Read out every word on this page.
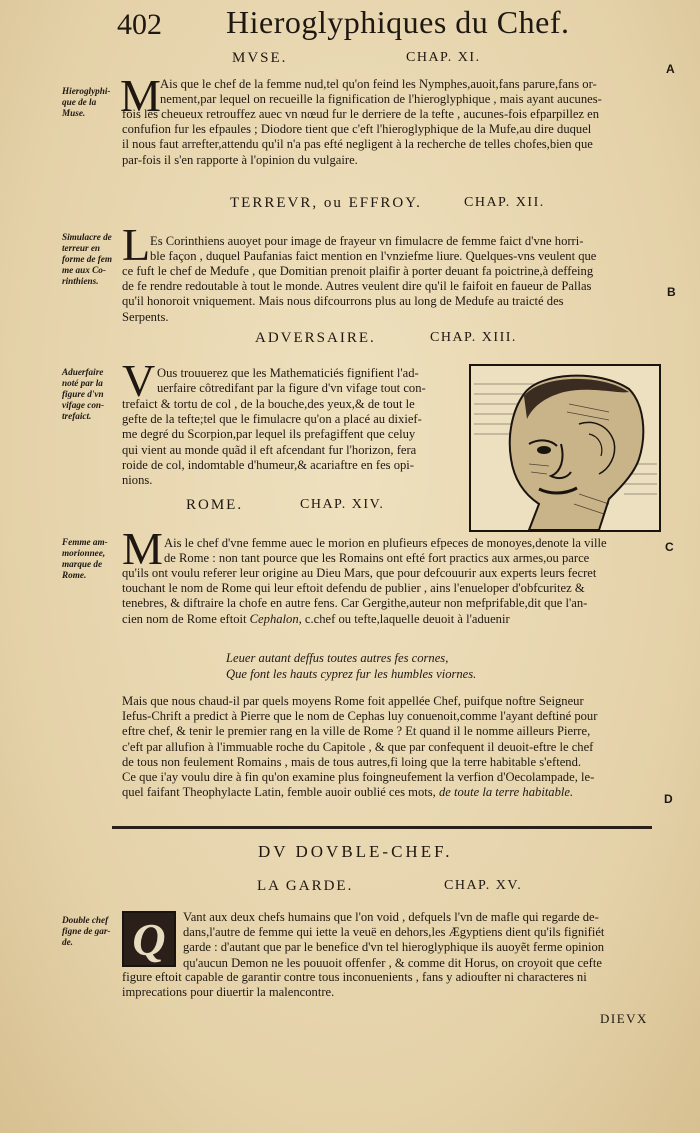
402 Hieroglyphiques du Chef.
MVSE.	CHAP. XI.
A
Hieroglyphi-
que de la
Muse. M Ais que le chef de la femme nud,tel qu'on feind les Nymphes,auoit,fans parure,fans or-
nement,par lequel on recueille la fignification de l'hieroglyphique , mais ayant aucunes-
fois les cheueux retrouffez auec vn nœud fur le derriere de la tefte , aucunes-fois efparpillez en
confufion fur les efpaules ; Diodore tient que c'eft l'hieroglyphique de la Mufe,au dire duquel
il nous faut arrefter,attendu qu'il n'a pas efté negligent à la recherche de telles chofes,bien que
par-fois il s'en rapporte à l'opinion du vulgaire.
TERREVR, ou EFFROY.	CHAP. XII.
Simulacre de
terreur en
forme de fem
me aux Co-
rinthiens.
L Es Corinthiens auoyet pour image de frayeur vn fimulacre de femme faict d'vne horri-
ble façon , duquel Paufanias faict mention en l'vnziefme liure. Quelques-vns veulent que
ce fuft le chef de Medufe , que Domitian prenoit plaifir à porter deuant fa poictrine,à deffeing
de fe rendre redoutable à tout le monde. Autres veulent dire qu'il le faifoit en faueur de Pallas
qu'il honoroit vniquement. Mais nous difcourrons plus au long de Medufe au traicté des
Serpents.
B
ADVERSAIRE.	CHAP. XIII.
Aduerfaire
noté par la
figure d'vn
vifage con-
trefaict.
V Ous trouuerez que les Mathematiciés fignifient l'ad-
uerfaire côtredifant par la figure d'vn vifage tout con-
trefaict & tortu de col , de la bouche,des yeux,& de tout le
gefte de la tefte;tel que le fimulacre qu'on a placé au dixief-
me degré du Scorpion,par lequel ils prefagiffent que celuy
qui vient au monde quãd il eft afcendant fur l'horizon, fera
roide de col, indomtable d'humeur,& acariaftre en fes opi-
nions.
ROME.	CHAP. XIV.
Femme am-
morionnee,
marque de
Rome.
M Ais le chef d'vne femme auec le morion en plufieurs efpeces de monoyes,denote la ville
de Rome : non tant pource que les Romains ont efté fort practics aux armes,ou parce
C
qu'ils ont voulu referer leur origine au Dieu Mars, que pour defcouurir aux experts leurs fecret
touchant le nom de Rome qui leur eftoit defendu de publier , ains l'enueloper d'obfcuritez &
tenebres, & diftraire la chofe en autre fens. Car Gergithe,auteur non mefprifable,dit que l'an-
cien nom de Rome eftoit Cephalon, c.chef ou tefte,laquelle deuoit à l'aduenir
Leuer autant deffus toutes autres fes cornes,
Que font les hauts cyprez fur les humbles viornes.
Mais que nous chaud-il par quels moyens Rome foit appellée Chef, puifque noftre Seigneur
Iefus-Chrift a predict à Pierre que le nom de Cephas luy conuenoit,comme l'ayant deftiné pour
eftre chef, & tenir le premier rang en la ville de Rome ? Et quand il le nomme ailleurs Pierre,
c'eft par allufion à l'immuable roche du Capitole , & que par confequent il deuoit-eftre le chef
de tous non feulement Romains , mais de tous autres,fi loing que la terre habitable s'eftend.
Ce que i'ay voulu dire à fin qu'on examine plus foingneufement la verfion d'Oecolampade, le-
quel faifant Theophylacte Latin, femble auoir oublié ces mots, de toute la terre habitable.	D
DV DOVBLE-CHEF.
LA GARDE.	CHAP. XV.
Double chef
figne de gar-
de.	Q Vant aux deux chefs humains que l'on void , defquels l'vn de mafle qui regarde de-
dans,l'autre de femme qui iette la veuë en dehors,les Ægyptiens dient qu'ils fignifiét
garde : d'autant que par le benefice d'vn tel hieroglyphique ils auoyẽt ferme opinion
qu'aucun Demon ne les pouuoit offenfer , & comme dit Horus, on croyoit que cefte
figure eftoit capable de garantir contre tous inconuenients , fans y adioufter ni characteres ni
imprecations pour diuertir la malencontre.
DIEVX
